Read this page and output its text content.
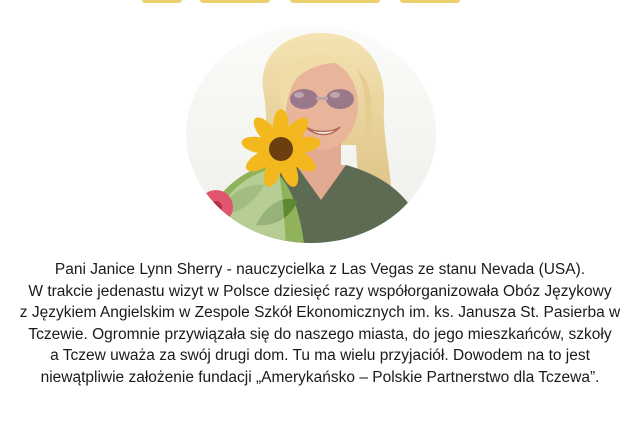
Pani Janice Lynn Sherry - nauczycielka z Las Vegas ze stanu Nevada (USA).
W trakcie jedenastu wizyt w Polsce dziesięć razy współorganizowała Obóz Językowy
z Językiem Angielskim w Zespole Szkół Ekonomicznych im. ks. Janusza St. Pasierba w
Tczewie. Ogromnie przywiązała się do naszego miasta, do jego mieszkańców, szkoły
a Tczew uważa za swój drugi dom. Tu ma wielu przyjaciół. Dowodem na to jest
niewątpliwie założenie fundacji „Amerykańsko – Polskie Partnerstwo dla Tczewa”.
